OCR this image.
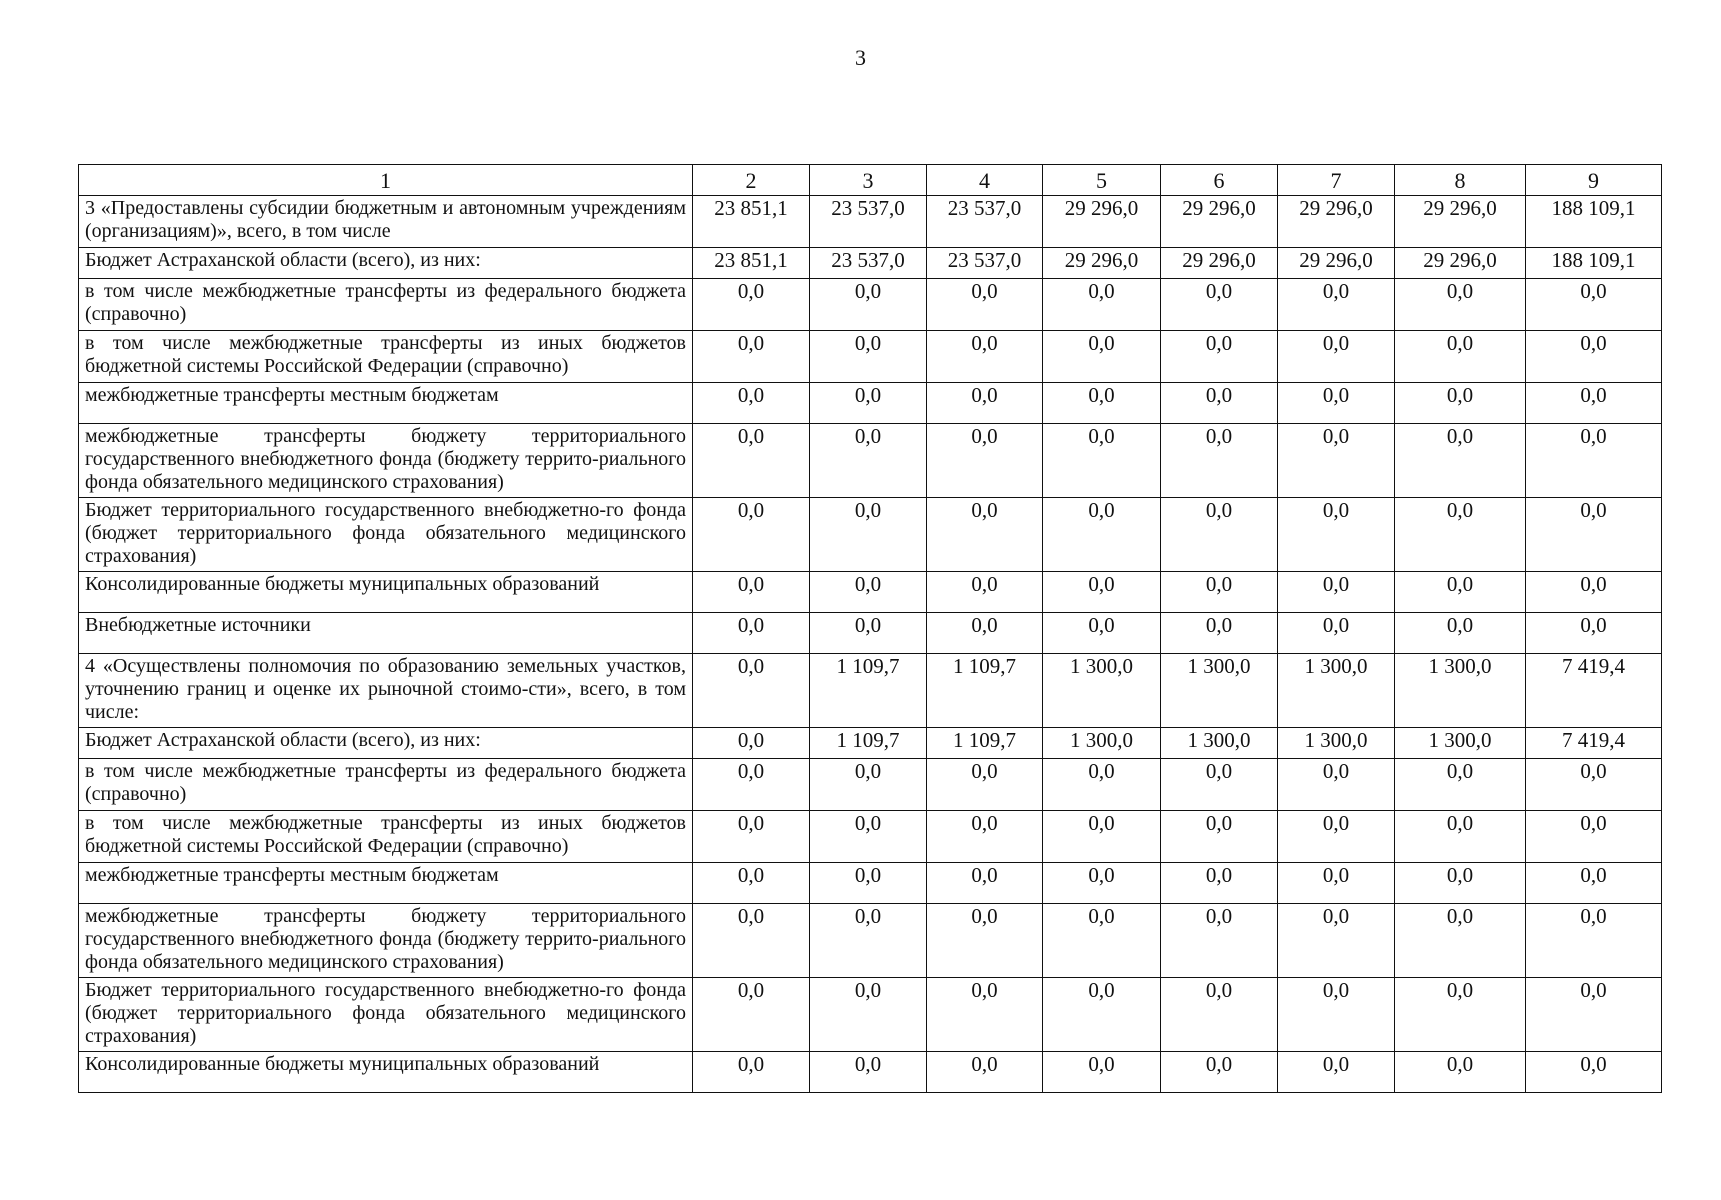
3
1	2	3	4	5	6	7	8	9
3 «Предоставлены субсидии бюджетным и автономным учреждениям (организациям)», всего, в том числе	23 851,1	23 537,0	23 537,0	29 296,0	29 296,0	29 296,0	29 296,0	188 109,1
Бюджет Астраханской области (всего), из них:	23 851,1	23 537,0	23 537,0	29 296,0	29 296,0	29 296,0	29 296,0	188 109,1
в том числе межбюджетные трансферты из федерального бюджета (справочно)	0,0	0,0	0,0	0,0	0,0	0,0	0,0	0,0
в том числе межбюджетные трансферты из иных бюджетов бюджетной системы Российской Федерации (справочно)	0,0	0,0	0,0	0,0	0,0	0,0	0,0	0,0
межбюджетные трансферты местным бюджетам	0,0	0,0	0,0	0,0	0,0	0,0	0,0	0,0
межбюджетные трансферты бюджету территориального государственного внебюджетного фонда (бюджету террито-риального фонда обязательного медицинского страхования)	0,0	0,0	0,0	0,0	0,0	0,0	0,0	0,0
Бюджет территориального государственного внебюджетно-го фонда (бюджет территориального фонда обязательного медицинского страхования)	0,0	0,0	0,0	0,0	0,0	0,0	0,0	0,0
Консолидированные бюджеты муниципальных образований	0,0	0,0	0,0	0,0	0,0	0,0	0,0	0,0
Внебюджетные источники	0,0	0,0	0,0	0,0	0,0	0,0	0,0	0,0
4 «Осуществлены полномочия по образованию земельных участков, уточнению границ и оценке их рыночной стоимо-сти», всего, в том числе:	0,0	1 109,7	1 109,7	1 300,0	1 300,0	1 300,0	1 300,0	7 419,4
Бюджет Астраханской области (всего), из них:	0,0	1 109,7	1 109,7	1 300,0	1 300,0	1 300,0	1 300,0	7 419,4
в том числе межбюджетные трансферты из федерального бюджета (справочно)	0,0	0,0	0,0	0,0	0,0	0,0	0,0	0,0
в том числе межбюджетные трансферты из иных бюджетов бюджетной системы Российской Федерации (справочно)	0,0	0,0	0,0	0,0	0,0	0,0	0,0	0,0
межбюджетные трансферты местным бюджетам	0,0	0,0	0,0	0,0	0,0	0,0	0,0	0,0
межбюджетные трансферты бюджету территориального государственного внебюджетного фонда (бюджету террито-риального фонда обязательного медицинского страхования)	0,0	0,0	0,0	0,0	0,0	0,0	0,0	0,0
Бюджет территориального государственного внебюджетно-го фонда (бюджет территориального фонда обязательного медицинского страхования)	0,0	0,0	0,0	0,0	0,0	0,0	0,0	0,0
Консолидированные бюджеты муниципальных образований	0,0	0,0	0,0	0,0	0,0	0,0	0,0	0,0
